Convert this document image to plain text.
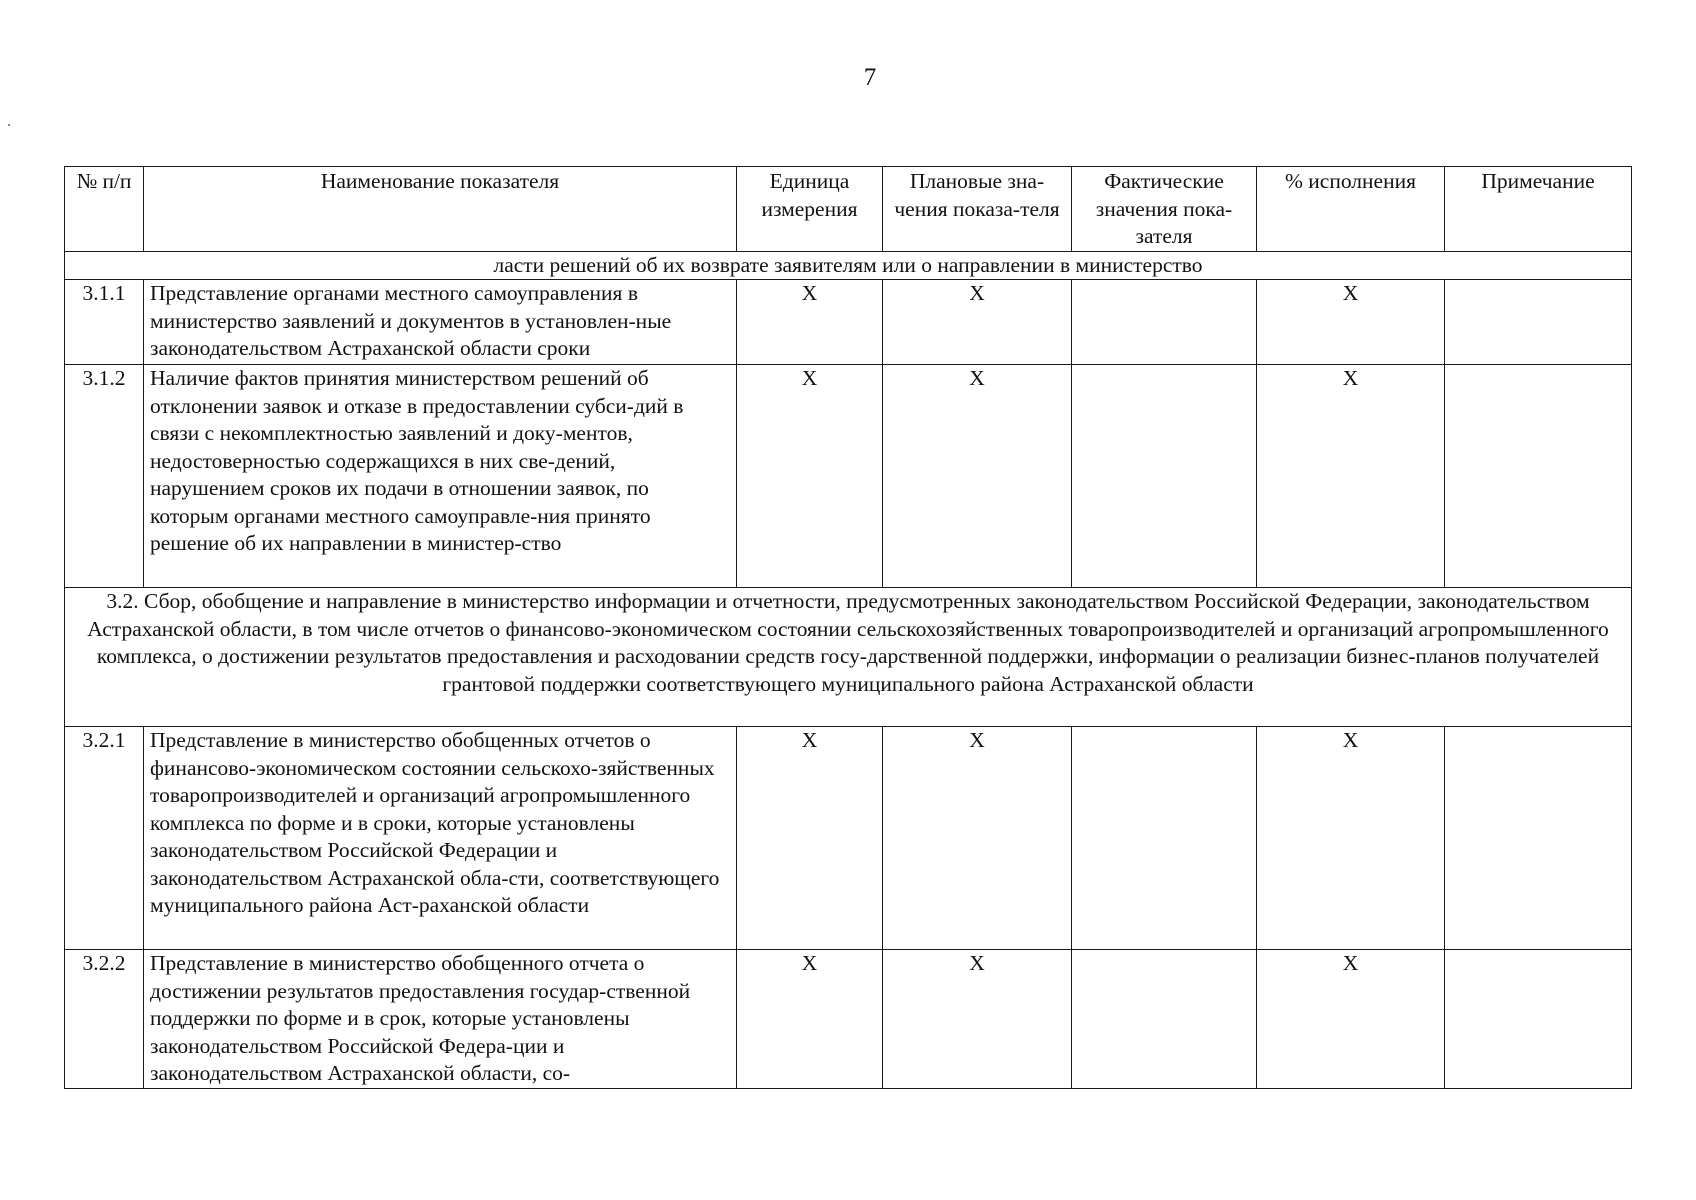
7
№ п/п	Наименование показателя	Единица измерения	Плановые зна-чения показа-теля	Фактические значения пока-зателя	% исполнения	Примечание
ласти решений об их возврате заявителям или о направлении в министерство						
3.1.1	Представление органами местного самоуправления в министерство заявлений и документов в установлен-ные законодательством Астраханской области сроки	Х	Х		Х	
3.1.2	Наличие фактов принятия министерством решений об отклонении заявок и отказе в предоставлении субси-дий в связи с некомплектностью заявлений и доку-ментов, недостоверностью содержащихся в них све-дений, нарушением сроков их подачи в отношении заявок, по которым органами местного самоуправле-ния принято решение об их направлении в министер-ство	Х	Х		Х	
3.2. Сбор, обобщение и направление в министерство информации и отчетности, предусмотренных законодательством Российской Федерации, законодательством Астраханской области, в том числе отчетов о финансово-экономическом состоянии сельскохозяйственных товаропроизводителей и организаций агропромышленного комплекса, о достижении результатов предоставления и расходовании средств госу-дарственной поддержки, информации о реализации бизнес-планов получателей грантовой поддержки соответствующего муниципального района Астраханской области						
3.2.1	Представление в министерство обобщенных отчетов о финансово-экономическом состоянии сельскохо-зяйственных товаропроизводителей и организаций агропромышленного комплекса по форме и в сроки, которые установлены законодательством Российской Федерации и законодательством Астраханской обла-сти, соответствующего муниципального района Аст-раханской области	Х	Х		Х	
3.2.2	Представление в министерство обобщенного отчета о достижении результатов предоставления государ-ственной поддержки по форме и в срок, которые установлены законодательством Российской Федера-ции и законодательством Астраханской области, со-	Х	Х		Х	
